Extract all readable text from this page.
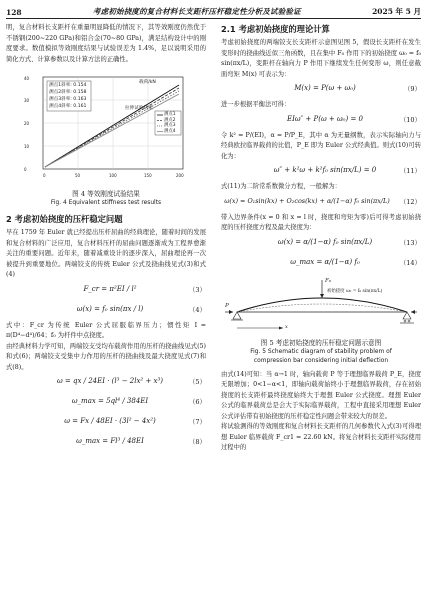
128	考虑初始挠度的复合材料长支距杆压杆稳定性分析及试验验证	2025 年 5 月

明，复合材料长支距杆在重量明显降低的情况下，其等效刚度仍然优于不锈钢(200~220 GPa)和铝合金(70~80 GPa)，满足结构设计中的刚度要求。数值模拟等效刚度结果与试验误差为 1.4%，足以说明采用的简化方式、计算参数以及计算方法的正确性。

0
10
20
30
40
0	50	100	150	200
载荷/kN
测点1斜率: 0.154
测点2斜率: 0.158
测点3斜率: 0.163
测点4斜率: 0.161	拉伸试验结果
测点1
测点2
测点3
测点4
图 4 等效刚度试验结果
Fig. 4 Equivalent stiffness test results
2 考虑初始挠度的压杆稳定问题

早在 1759 年 Euler 就已经提出压杆屈曲的经典理论，随着时间的发展和复合材料的广泛应用，复合材料压杆的屈曲问题逐渐成为工程界愈渐关注的重要问题。近年来，随着减重设计的逐步深入，屈曲理论再一次被提升到重要地位。两端铰支的传统 Euler 公式及挠曲线见式(3)和式(4)

F_cr = π²EI / l²	（3）
ω(x) = f₀ sin(πx / l)	（4）

式中：F_cr 为传统 Euler 公式屈服临界压力；惯性矩 I = π(D⁴−d⁴)/64；f₀ 为杆件中点挠度。

由经典材料力学可知，两端铰支受均布载荷作用的压杆的挠曲线见式(5)和式(6)；两端铰支受集中力作用的压杆的挠曲线及最大挠度见式(7)和式(8)。

ω = qx / 24EI · (l³ − 2lx² + x³)	（5）
ω_max = 5ql⁴ / 384EI	（6）
ω = Fx / 48EI · (3l² − 4x²)	（7）
ω_max = Fl³ / 48EI	（8）
2.1 考虑初始挠度的理论计算

考虑初始挠度的两端铰支长支距杆示意图见图 5，假设长支距杆在发生变形时的挠曲线近似三角函数，且在集中 F₀ 作用下的初始挠度 ω₀ = f₀ sin(πx/L)，变距杆在轴向力 P 作用下继续发生任何变形 ω，则任意截面弯矩 M(x) 可表示为：

M(x) = P(ω + ω₀)	（9）

进一步根据平衡法可得：

EIω″ + P(ω + ω₀) = 0	（10）

令 k² = P/(EI)，α = P/P_E，其中 α 为无量纲数，表示实际轴向力与经典欧拉临界载荷的比值，P_E 即为 Euler 公式经典值。则式(10)可转化为：

ω″ + k²ω + k²f₀ sin(πx/L) = 0	（11）

式(11)为二阶常系数微分方程，一般解为：

ω(x) = O₁sin(kx) + O₂cos(kx) + α/(1−α) f₀ sin(πx/L)	（12）

带入边界条件(x = 0 和 x = l 时，挠度和弯矩为零)后可得考虑初始挠度的压杆挠度方程及最大挠度为：

ω(x) = α/(1−α) f₀ sin(πx/L)	（13）
ω_max = α/(1−α) f₀	（14）
F₀
P
初始挠度 ω₀ = f₀ sin(πx/L)
x
图 5 考虑初始挠度的压杆稳定问题示意图
Fig. 5 Schematic diagram of stability problem of
compression bar considering initial deflection

由式(14)可知：当 α→1 时，轴向载荷 P 等于理想临界载荷 P_E，挠度无限增加；0<1−α<1，即轴向载荷始终小于理想临界载荷，存在初始挠度的长支距杆最终挠度始终大于理想 Euler 公式挠度。理想 Euler 公式的临界载荷总是会大于实际临界载荷，工程中直接采用理想 Euler 公式评估带有初始挠度的压杆稳定性问题会带来较大的误差。

将试验测得的等效刚度和复合材料长支距杆的几何参数代入式(3)可得理想 Euler 临界载荷 F_cr1 = 22.60 kN。将复合材料长支距杆实际使用过程中的
